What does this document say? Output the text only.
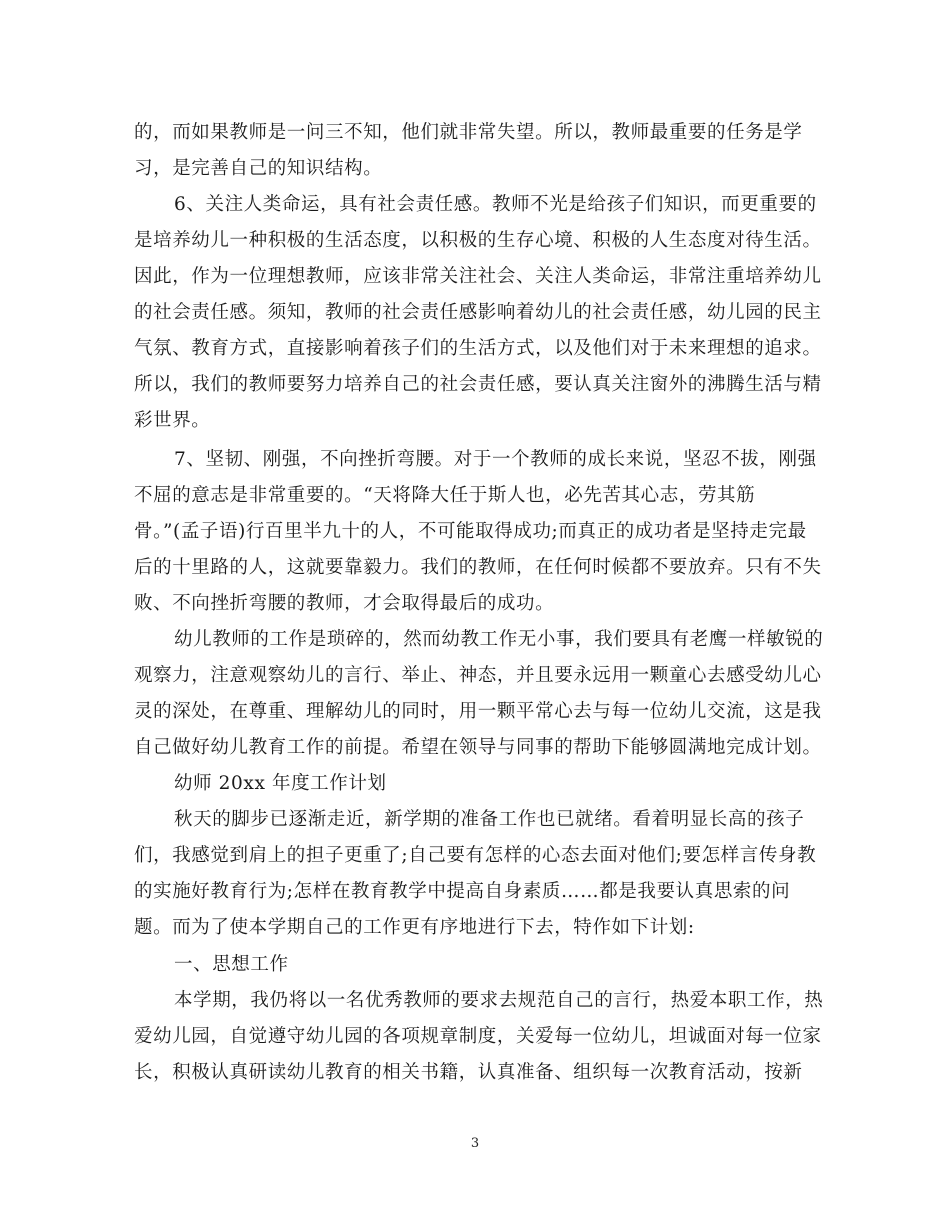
的，而如果教师是一问三不知，他们就非常失望。所以，教师最重要的任务是学

习，是完善自己的知识结构。

6、关注人类命运，具有社会责任感。教师不光是给孩子们知识，而更重要的

是培养幼儿一种积极的生活态度，以积极的生存心境、积极的人生态度对待生活。

因此，作为一位理想教师，应该非常关注社会、关注人类命运，非常注重培养幼儿

的社会责任感。须知，教师的社会责任感影响着幼儿的社会责任感，幼儿园的民主

气氛、教育方式，直接影响着孩子们的生活方式，以及他们对于未来理想的追求。

所以，我们的教师要努力培养自己的社会责任感，要认真关注窗外的沸腾生活与精

彩世界。

7、坚韧、刚强，不向挫折弯腰。对于一个教师的成长来说，坚忍不拔，刚强

不屈的意志是非常重要的。“天将降大任于斯人也，必先苦其心志，劳其筋

骨。”(孟子语)行百里半九十的人，不可能取得成功;而真正的成功者是坚持走完最

后的十里路的人，这就要靠毅力。我们的教师，在任何时候都不要放弃。只有不失

败、不向挫折弯腰的教师，才会取得最后的成功。

幼儿教师的工作是琐碎的，然而幼教工作无小事，我们要具有老鹰一样敏锐的

观察力，注意观察幼儿的言行、举止、神态，并且要永远用一颗童心去感受幼儿心

灵的深处，在尊重、理解幼儿的同时，用一颗平常心去与每一位幼儿交流，这是我

自己做好幼儿教育工作的前提。希望在领导与同事的帮助下能够圆满地完成计划。

幼师 20xx 年度工作计划

秋天的脚步已逐渐走近，新学期的准备工作也已就绪。看着明显长高的孩子

们，我感觉到肩上的担子更重了;自己要有怎样的心态去面对他们;要怎样言传身教

的实施好教育行为;怎样在教育教学中提高自身素质……都是我要认真思索的问

题。而为了使本学期自己的工作更有序地进行下去，特作如下计划:

一、思想工作

本学期，我仍将以一名优秀教师的要求去规范自己的言行，热爱本职工作，热

爱幼儿园，自觉遵守幼儿园的各项规章制度，关爱每一位幼儿，坦诚面对每一位家

长，积极认真研读幼儿教育的相关书籍，认真准备、组织每一次教育活动，按新

3
